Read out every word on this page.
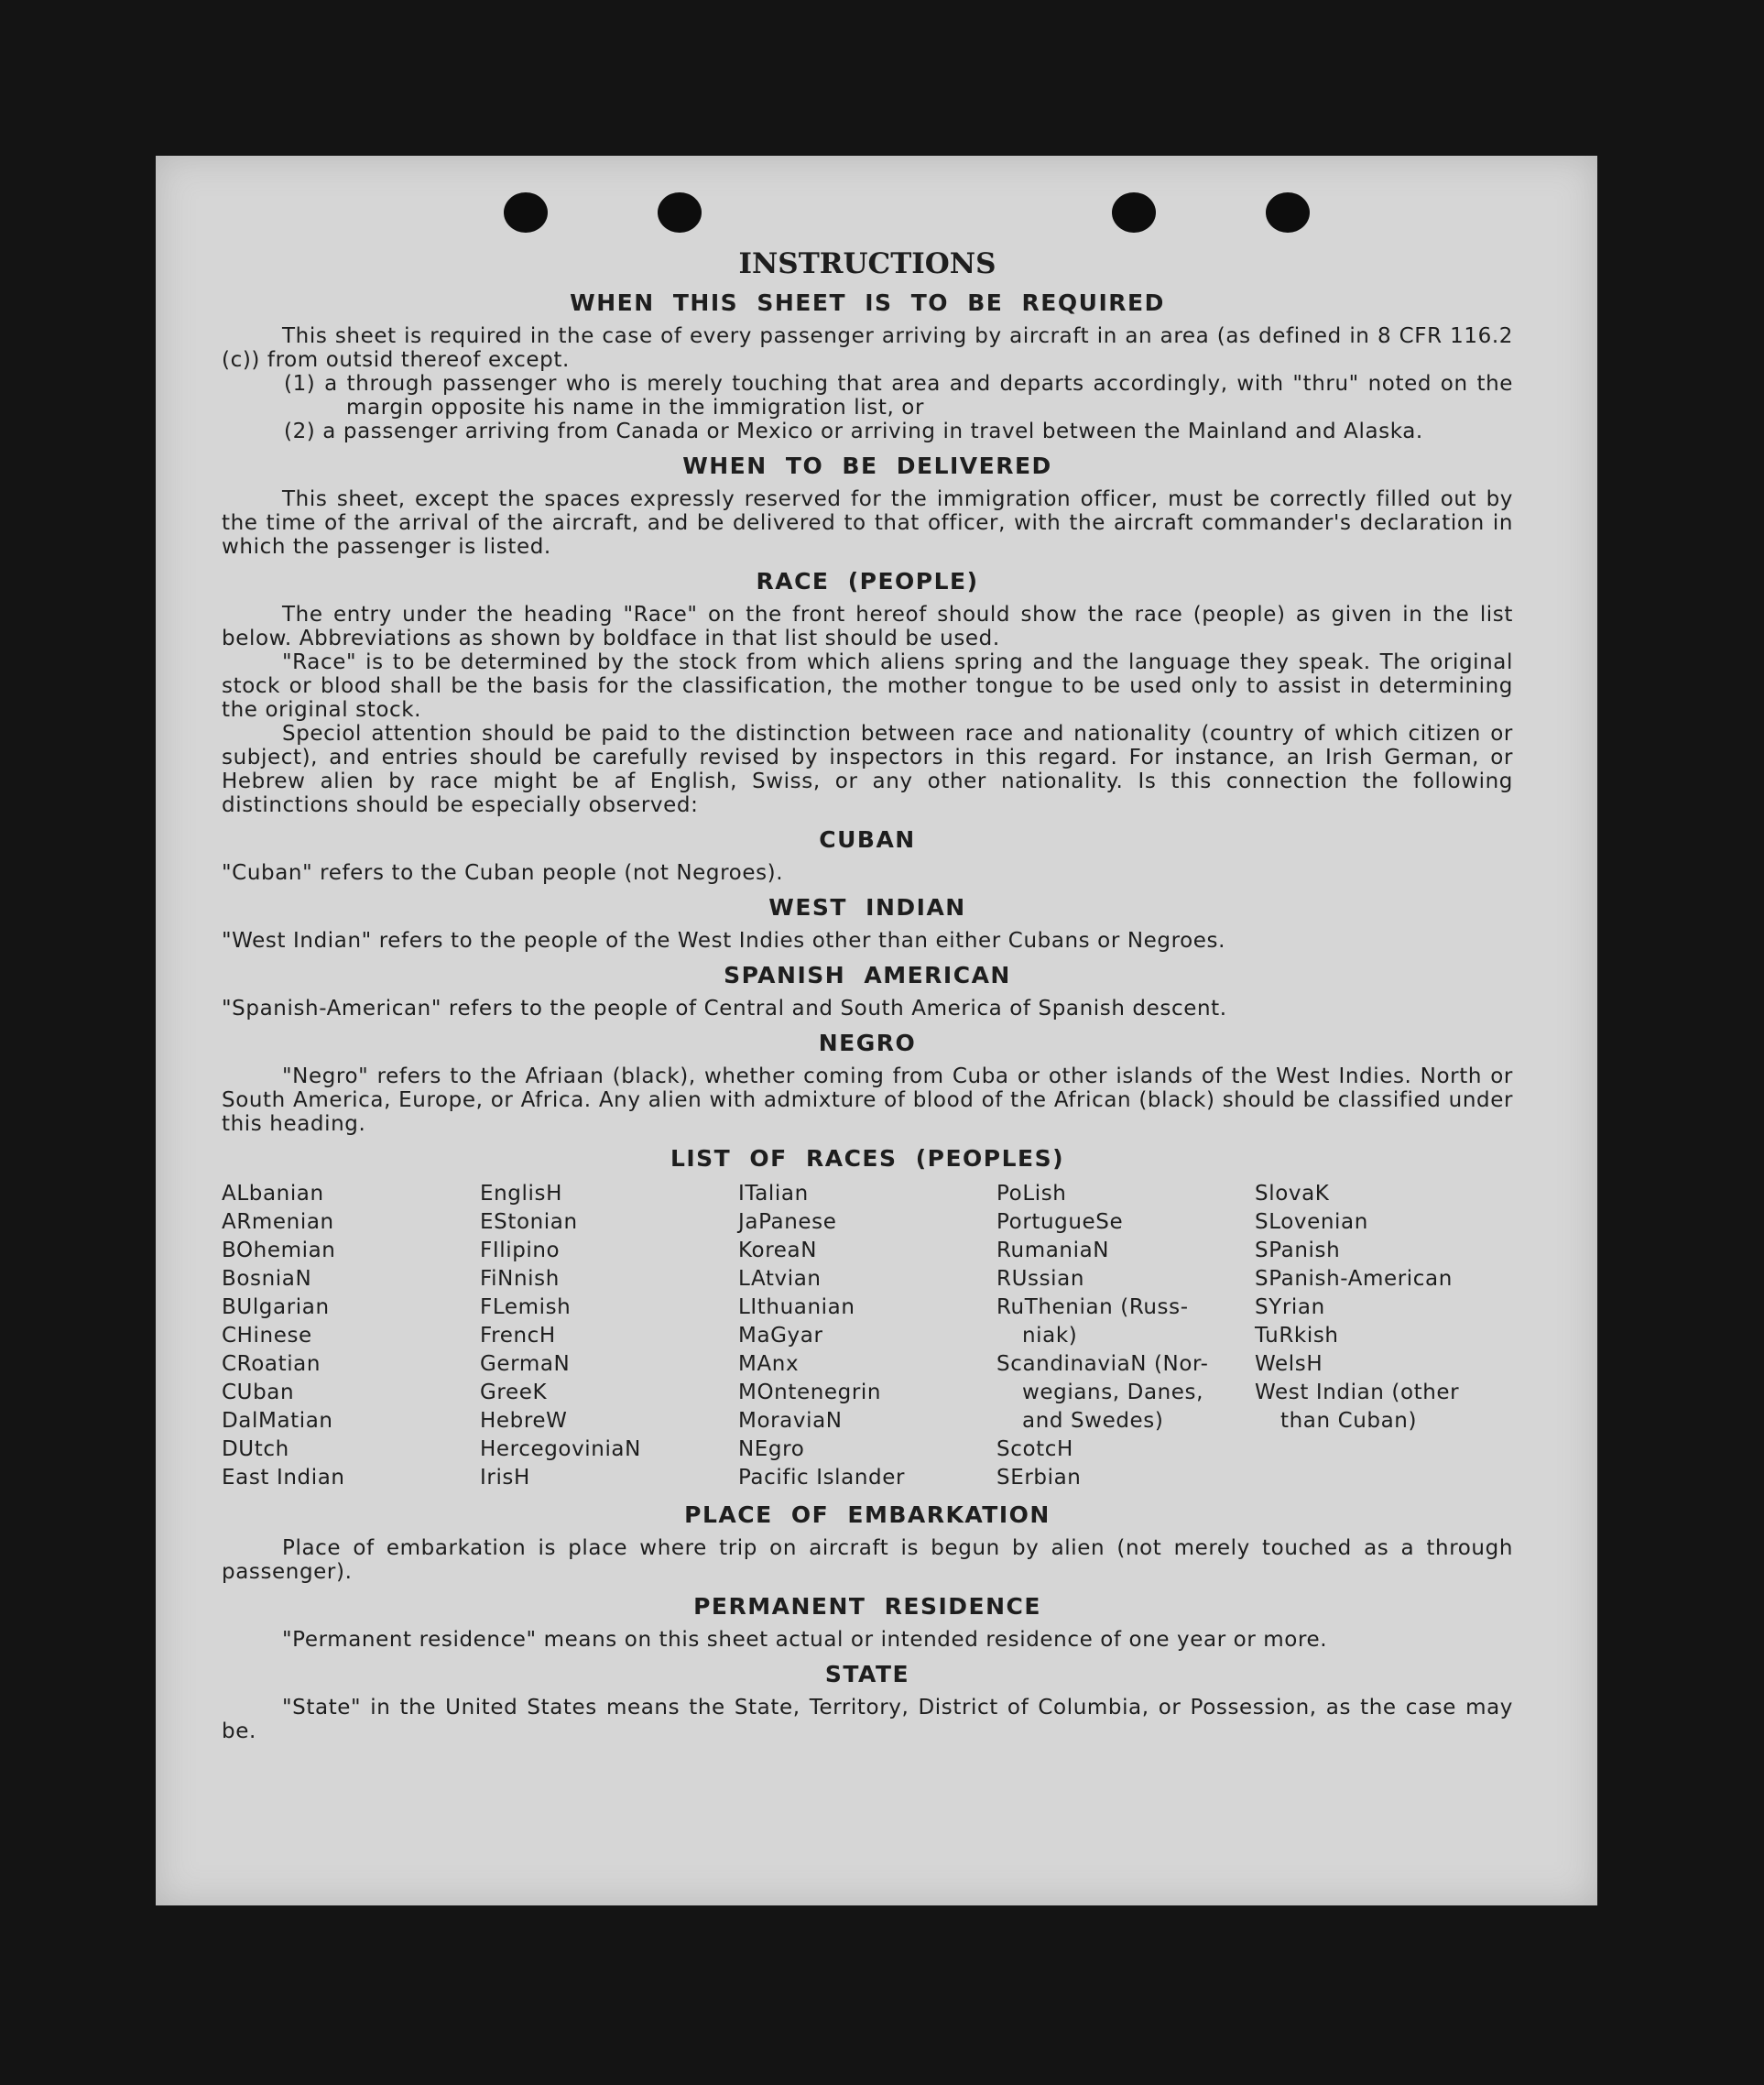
INSTRUCTIONS
WHEN THIS SHEET IS TO BE REQUIRED

This sheet is required in the case of every passenger arriving by aircraft in an area (as defined in 8 CFR 116.2 (c)) from outsid thereof except.

(1) a through passenger who is merely touching that area and departs accordingly, with "thru" noted on the margin opposite his name in the immigration list, or

(2) a passenger arriving from Canada or Mexico or arriving in travel between the Mainland and Alaska.

WHEN TO BE DELIVERED

This sheet, except the spaces expressly reserved for the immigration officer, must be correctly filled out by the time of the arrival of the aircraft, and be delivered to that officer, with the aircraft commander's declaration in which the passenger is listed.

RACE (PEOPLE)

The entry under the heading "Race" on the front hereof should show the race (people) as given in the list below. Abbreviations as shown by boldface in that list should be used.

"Race" is to be determined by the stock from which aliens spring and the language they speak. The original stock or blood shall be the basis for the classification, the mother tongue to be used only to assist in determining the original stock.

Speciol attention should be paid to the distinction between race and nationality (country of which citizen or subject), and entries should be carefully revised by inspectors in this regard. For instance, an Irish German, or Hebrew alien by race might be af English, Swiss, or any other nationality. Is this connection the following distinctions should be especially observed:

CUBAN

"Cuban" refers to the Cuban people (not Negroes).

WEST INDIAN

"West Indian" refers to the people of the West Indies other than either Cubans or Negroes.

SPANISH AMERICAN

"Spanish-American" refers to the people of Central and South America of Spanish descent.

NEGRO

"Negro" refers to the Afriaan (black), whether coming from Cuba or other islands of the West Indies. North or South America, Europe, or Africa. Any alien with admixture of blood of the African (black) should be classified under this heading.

LIST OF RACES (PEOPLES)
ALbanian
ARmenian
BOhemian
BosniaN
BUlgarian
CHinese
CRoatian
CUban
DalMatian
DUtch
East Indian
EnglisH
EStonian
FIlipino
FiNnish
FLemish
FrencH
GermaN
GreeK
HebreW
HercegoviniaN
IrisH
ITalian
JaPanese
KoreaN
LAtvian
LIthuanian
MaGyar
MAnx
MOntenegrin
MoraviaN
NEgro
Pacific Islander
PoLish
PortugueSe
RumaniaN
RUssian
RuThenian (Russ-
niak)
ScandinaviaN (Nor-
wegians, Danes,
and Swedes)
ScotcH
SErbian
SlovaK
SLovenian
SPanish
SPanish-American
SYrian
TuRkish
WelsH
West Indian (other
than Cuban)
PLACE OF EMBARKATION

Place of embarkation is place where trip on aircraft is begun by alien (not merely touched as a through passenger).

PERMANENT RESIDENCE

"Permanent residence" means on this sheet actual or intended residence of one year or more.

STATE

"State" in the United States means the State, Territory, District of Columbia, or Possession, as the case may be.
